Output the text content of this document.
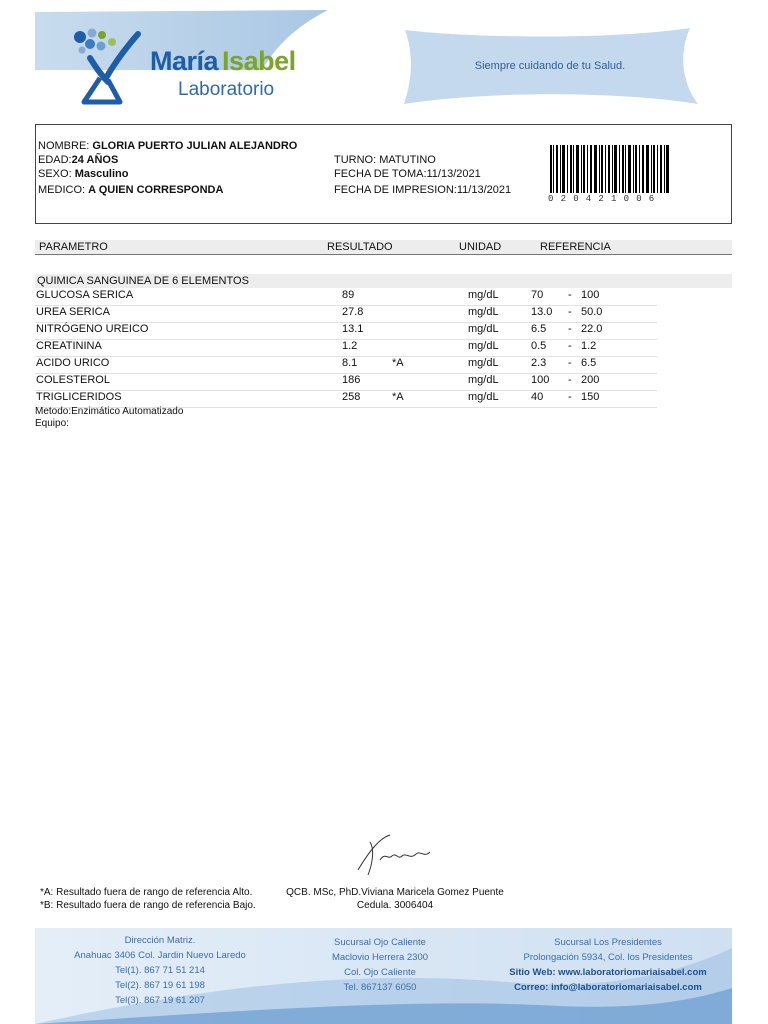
María Isabel
Laboratorio
Siempre cuidando de tu Salud.
NOMBRE: GLORIA PUERTO JULIAN ALEJANDRO
EDAD:24 AÑOS
SEXO: Masculino
MEDICO: A QUIEN CORRESPONDA
TURNO: MATUTINO
FECHA DE TOMA:11/13/2021
FECHA DE IMPRESION:11/13/2021
020421006
PARAMETRO	RESULTADO	UNIDAD	REFERENCIA
QUIMICA SANGUINEA DE 6 ELEMENTOS
GLUCOSA SERICA	89	mg/dL	70 - 100
UREA SERICA	27.8	mg/dL	13.0 - 50.0
NITRÓGENO UREICO	13.1	mg/dL	6.5 - 22.0
CREATININA	1.2	mg/dL	0.5 - 1.2
ACIDO URICO	8.1	*A	mg/dL	2.3 - 6.5
COLESTEROL	186	mg/dL	100 - 200
TRIGLICERIDOS	258	*A	mg/dL	40 - 150
Metodo:Enzimático Automatizado
Equipo:
*A: Resultado fuera de rango de referencia Alto.
*B: Resultado fuera de rango de referencia Bajo.
QCB. MSc, PhD.Viviana Maricela Gomez Puente
Cedula. 3006404
Dirección Matriz.
Anahuac 3406 Col. Jardin Nuevo Laredo
Tel(1). 867 71 51 214
Tel(2). 867 19 61 198
Tel(3). 867 19 61 207
Sucursal Ojo Caliente
Maclovio Herrera 2300
Col. Ojo Caliente
Tel. 867137 6050
Sucursal Los Presidentes
Prolongación 5934, Col. los Presidentes
Sitio Web: www.laboratoriomariaisabel.com
Correo: info@laboratoriomariaisabel.com
